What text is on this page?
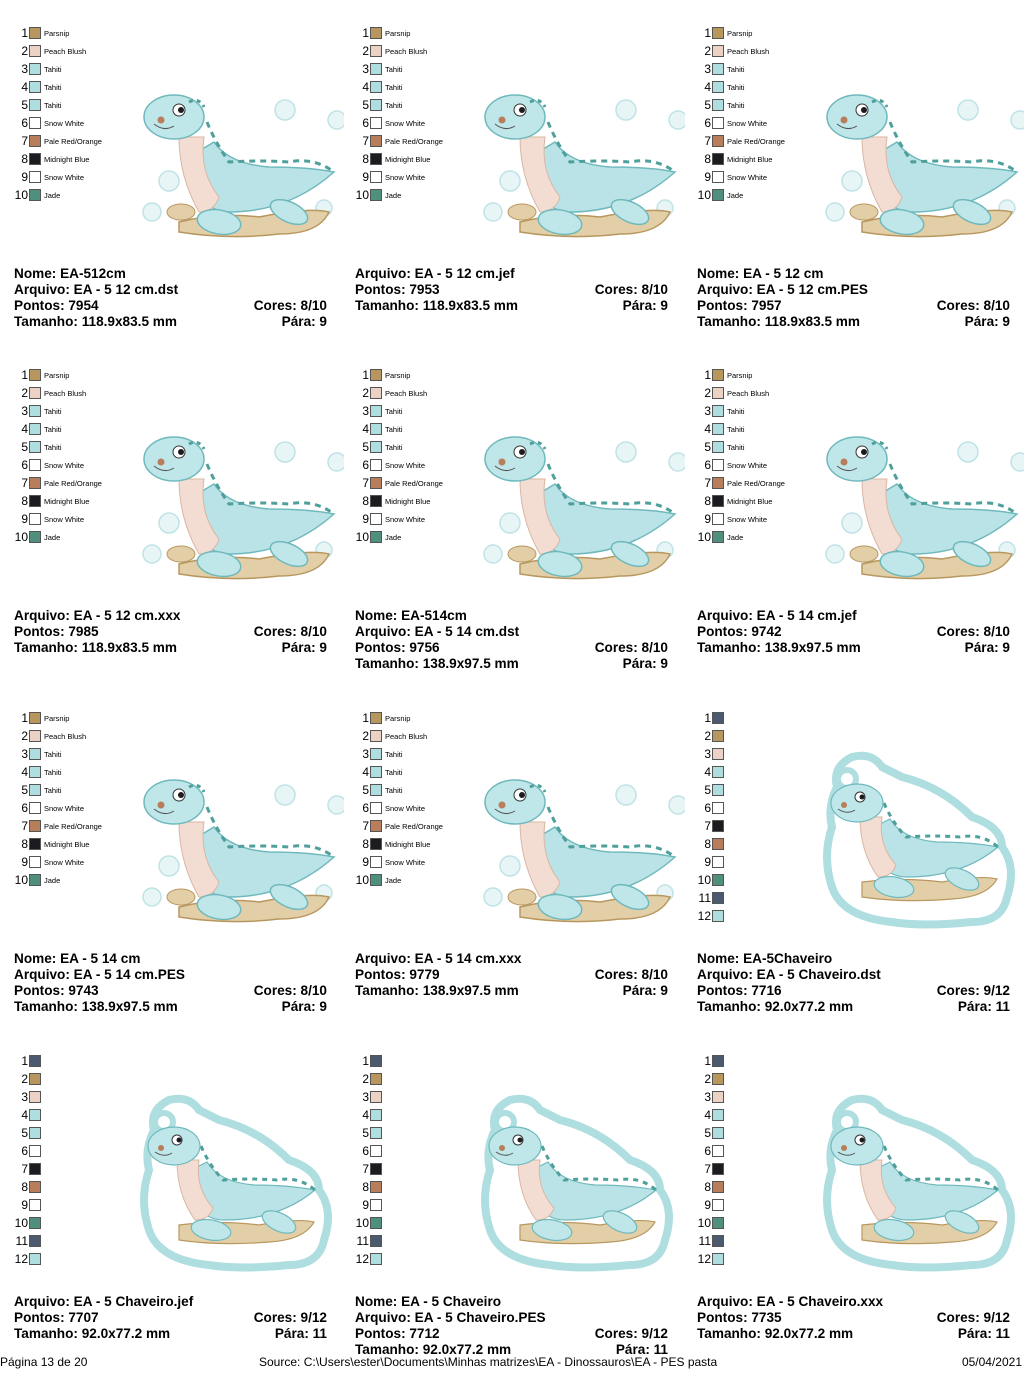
1 Parsnip
2 Peach Blush
3 Tahiti
4 Tahiti
5 Tahiti
6 Snow White
7 Pale Red/Orange
8 Midnight Blue
9 Snow White
10 Jade
Nome: EA-512cm
Arquivo: EA - 5 12 cm.dst
Pontos: 7954	Cores: 8/10
Tamanho: 118.9x83.5 mm	Pára: 9
1 Parsnip
2 Peach Blush
3 Tahiti
4 Tahiti
5 Tahiti
6 Snow White
7 Pale Red/Orange
8 Midnight Blue
9 Snow White
10 Jade
Arquivo: EA - 5 12 cm.jef
Pontos: 7953	Cores: 8/10
Tamanho: 118.9x83.5 mm	Pára: 9
1 Parsnip
2 Peach Blush
3 Tahiti
4 Tahiti
5 Tahiti
6 Snow White
7 Pale Red/Orange
8 Midnight Blue
9 Snow White
10 Jade
Nome: EA - 5 12 cm
Arquivo: EA - 5 12 cm.PES
Pontos: 7957	Cores: 8/10
Tamanho: 118.9x83.5 mm	Pára: 9
1 Parsnip
2 Peach Blush
3 Tahiti
4 Tahiti
5 Tahiti
6 Snow White
7 Pale Red/Orange
8 Midnight Blue
9 Snow White
10 Jade
Arquivo: EA - 5 12 cm.xxx
Pontos: 7985	Cores: 8/10
Tamanho: 118.9x83.5 mm	Pára: 9
1 Parsnip
2 Peach Blush
3 Tahiti
4 Tahiti
5 Tahiti
6 Snow White
7 Pale Red/Orange
8 Midnight Blue
9 Snow White
10 Jade
Nome: EA-514cm
Arquivo: EA - 5 14 cm.dst
Pontos: 9756	Cores: 8/10
Tamanho: 138.9x97.5 mm	Pára: 9
1 Parsnip
2 Peach Blush
3 Tahiti
4 Tahiti
5 Tahiti
6 Snow White
7 Pale Red/Orange
8 Midnight Blue
9 Snow White
10 Jade
Arquivo: EA - 5 14 cm.jef
Pontos: 9742	Cores: 8/10
Tamanho: 138.9x97.5 mm	Pára: 9
1 Parsnip
2 Peach Blush
3 Tahiti
4 Tahiti
5 Tahiti
6 Snow White
7 Pale Red/Orange
8 Midnight Blue
9 Snow White
10 Jade
Nome: EA - 5 14 cm
Arquivo: EA - 5 14 cm.PES
Pontos: 9743	Cores: 8/10
Tamanho: 138.9x97.5 mm	Pára: 9
1 Parsnip
2 Peach Blush
3 Tahiti
4 Tahiti
5 Tahiti
6 Snow White
7 Pale Red/Orange
8 Midnight Blue
9 Snow White
10 Jade
Arquivo: EA - 5 14 cm.xxx
Pontos: 9779	Cores: 8/10
Tamanho: 138.9x97.5 mm	Pára: 9
1
2
3
4
5
6
7
8
9
10
11
12
Nome: EA-5Chaveiro
Arquivo: EA - 5 Chaveiro.dst
Pontos: 7716	Cores: 9/12
Tamanho: 92.0x77.2 mm	Pára: 11
1
2
3
4
5
6
7
8
9
10
11
12
Arquivo: EA - 5 Chaveiro.jef
Pontos: 7707	Cores: 9/12
Tamanho: 92.0x77.2 mm	Pára: 11
1
2
3
4
5
6
7
8
9
10
11
12
Nome: EA - 5 Chaveiro
Arquivo: EA - 5 Chaveiro.PES
Pontos: 7712	Cores: 9/12
Tamanho: 92.0x77.2 mm	Pára: 11
1
2
3
4
5
6
7
8
9
10
11
12
Arquivo: EA - 5 Chaveiro.xxx
Pontos: 7735	Cores: 9/12
Tamanho: 92.0x77.2 mm	Pára: 11
Página 13 de 20	Source: C:\Users\ester\Documents\Minhas matrizes\EA - Dinossauros\EA - PES pasta	05/04/2021
